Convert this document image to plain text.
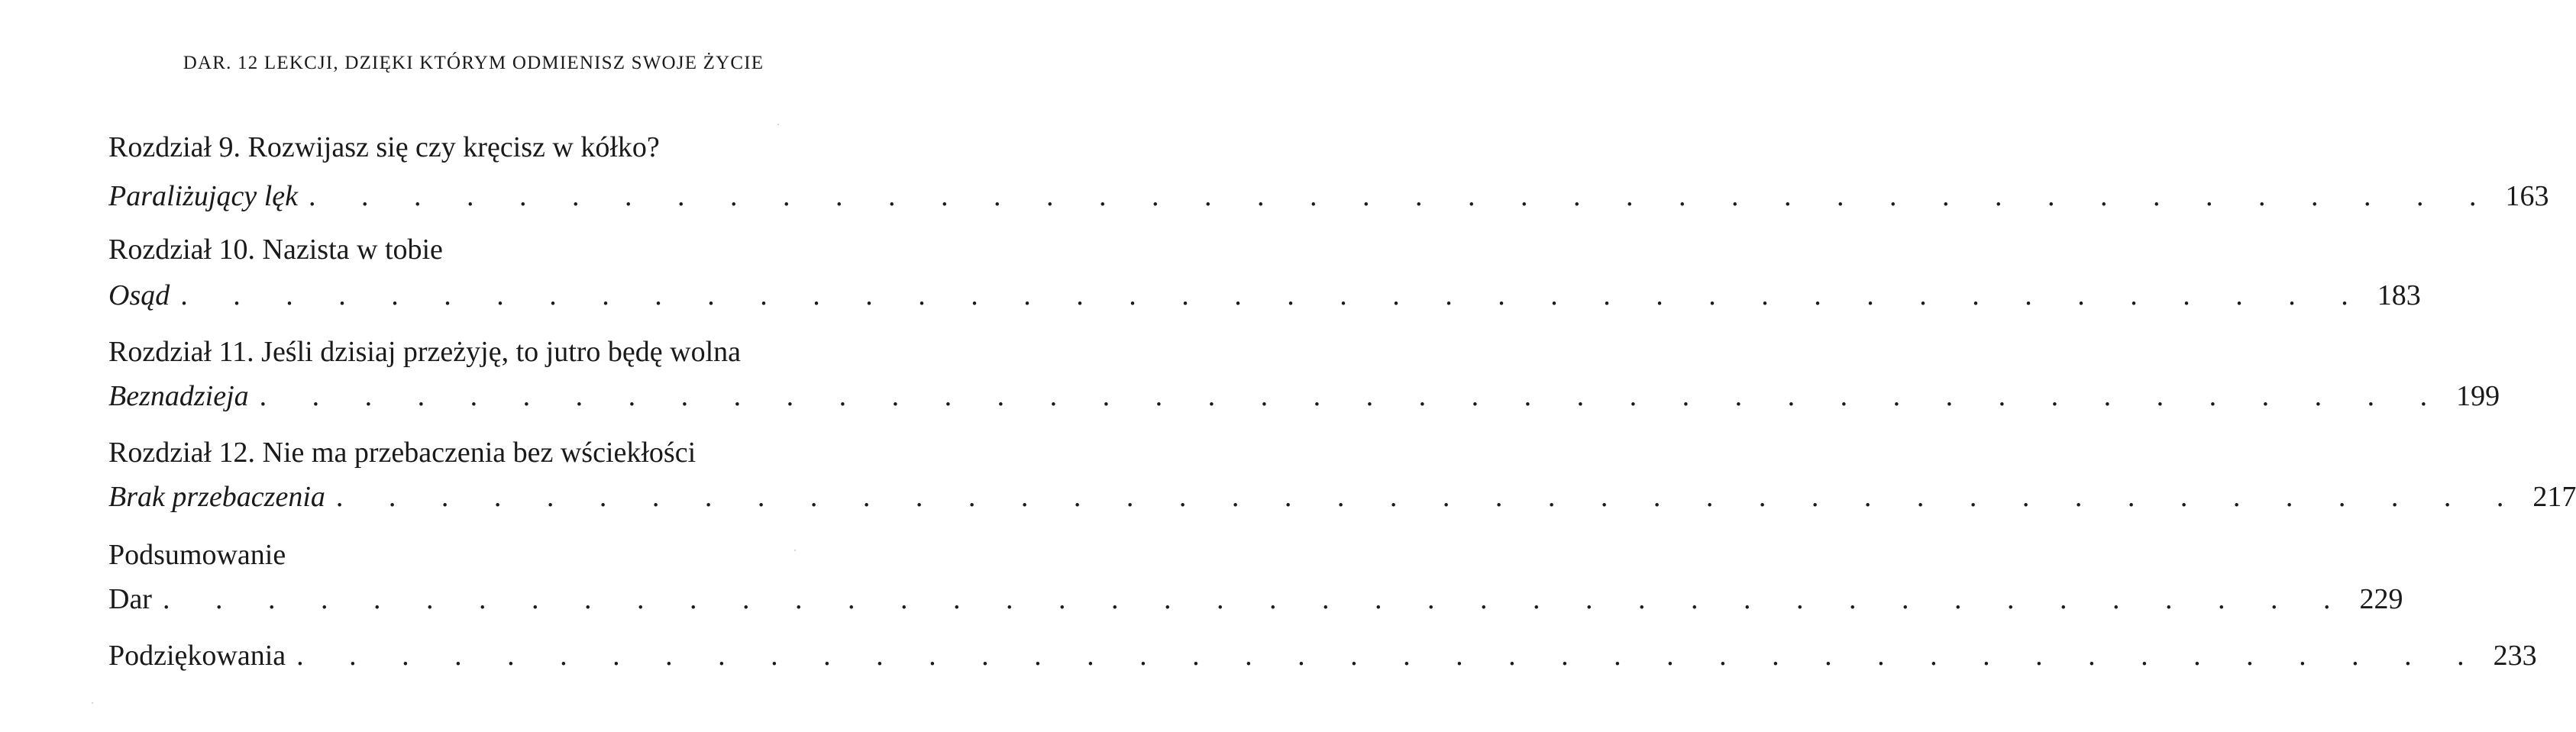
DAR. 12 LEKCJI, DZIĘKI KTÓRYM ODMIENISZ SWOJE ŻYCIE
Rozdział 9. Rozwijasz się czy kręcisz w kółko?
Paraliżujący lęk . . . . . . . . . . . . . . . . . . . . . . . . . . . . . . . . . . . . . . . . . . 163
Rozdział 10. Nazista w tobie
Osąd . . . . . . . . . . . . . . . . . . . . . . . . . . . . . . . . . . . . . . . . . . 183
Rozdział 11. Jeśli dzisiaj przeżyję, to jutro będę wolna
Beznadzieja . . . . . . . . . . . . . . . . . . . . . . . . . . . . . . . . . . . . . . . . . . 199
Rozdział 12. Nie ma przebaczenia bez wściekłości
Brak przebaczenia . . . . . . . . . . . . . . . . . . . . . . . . . . . . . . . . . . . . . . . . . . 217
Podsumowanie
Dar . . . . . . . . . . . . . . . . . . . . . . . . . . . . . . . . . . . . . . . . . . 229
Podziękowania . . . . . . . . . . . . . . . . . . . . . . . . . . . . . . . . . . . . . . . . . . 233
